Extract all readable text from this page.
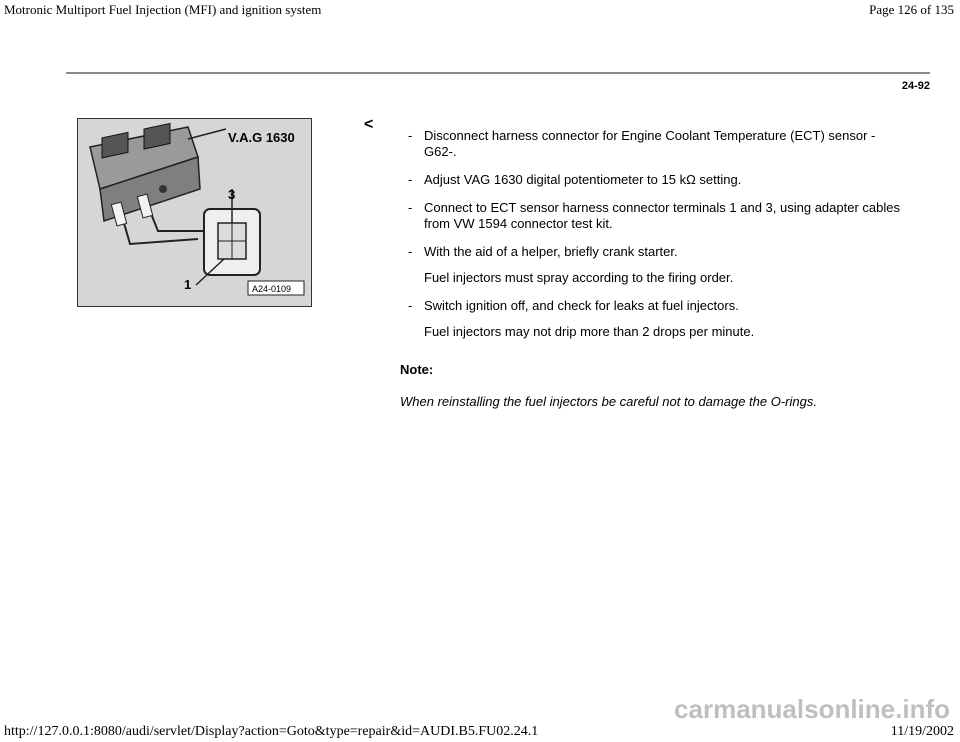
Motronic Multiport Fuel Injection (MFI) and ignition system	Page 126 of 135
24-92
V.A.G 1630
3
1	A24-0109
<
- Disconnect harness connector for Engine Coolant Temperature (ECT) sensor -G62-.
- Adjust VAG 1630 digital potentiometer to 15 kΩ setting.
- Connect to ECT sensor harness connector terminals 1 and 3, using adapter cables from VW 1594 connector test kit.
- With the aid of a helper, briefly crank starter.
Fuel injectors must spray according to the firing order.
- Switch ignition off, and check for leaks at fuel injectors.
Fuel injectors may not drip more than 2 drops per minute.
Note:
When reinstalling the fuel injectors be careful not to damage the O-rings.
carmanualsonline.info
http://127.0.0.1:8080/audi/servlet/Display?action=Goto&type=repair&id=AUDI.B5.FU02.24.1	11/19/2002
